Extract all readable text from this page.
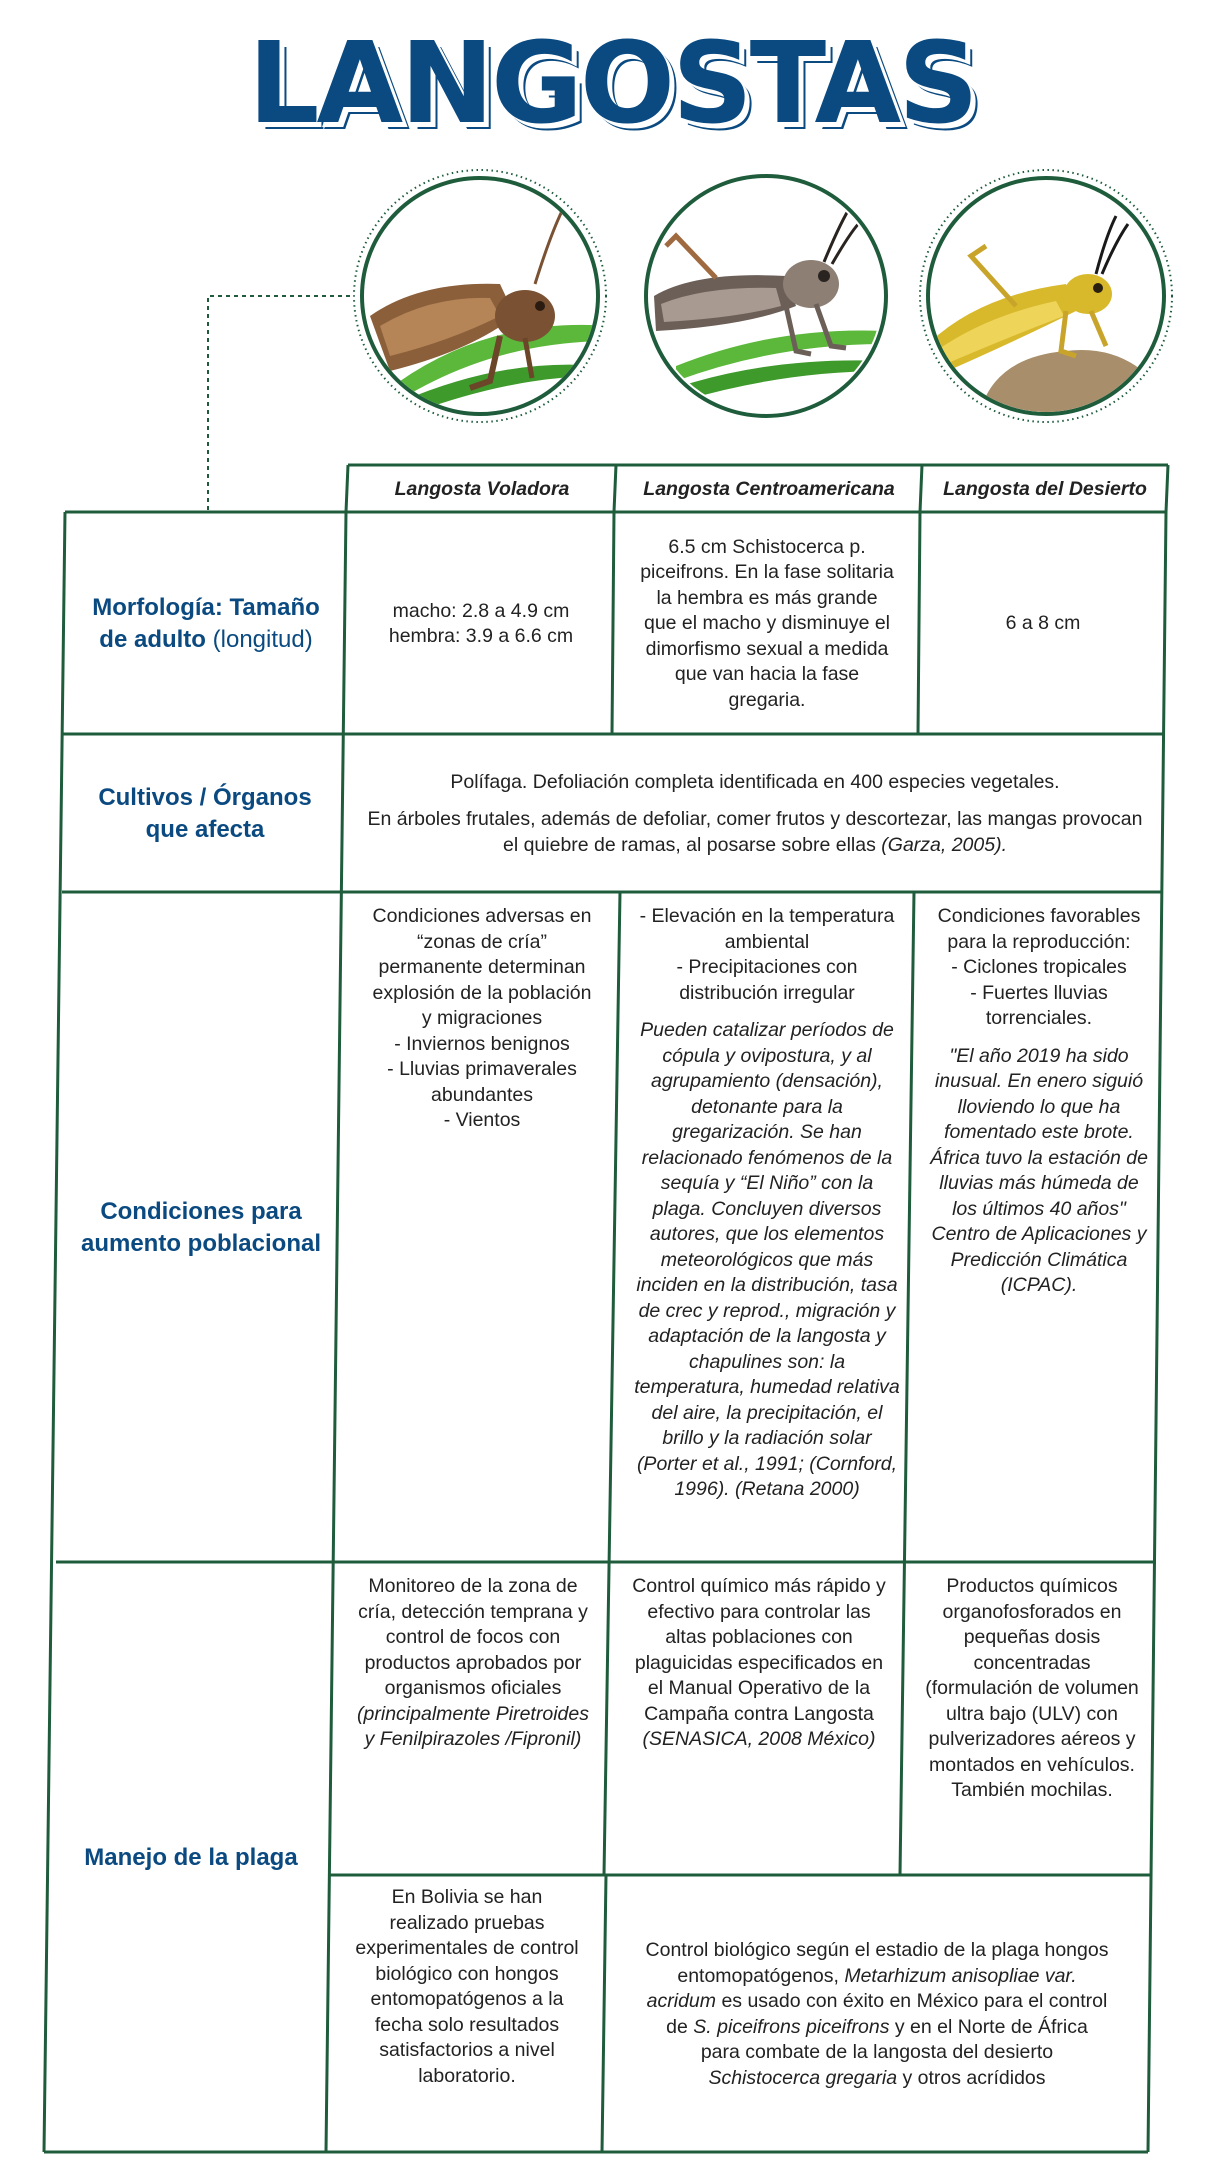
LANGOSTAS
Langosta Voladora	Langosta Centroamericana	Langosta del Desierto
Morfología: Tamaño de adulto (longitud)
macho: 2.8 a 4.9 cm
hembra: 3.9 a 6.6 cm
6.5 cm Schistocerca p. piceifrons. En la fase solitaria la hembra es más grande que el macho y disminuye el dimorfismo sexual a medida que van hacia la fase gregaria.
6 a 8 cm
Cultivos / Órganos que afecta
Polífaga. Defoliación completa identificada en 400 especies vegetales.
En árboles frutales, además de defoliar, comer frutos y descortezar, las mangas provocan el quiebre de ramas, al posarse sobre ellas (Garza, 2005).
Condiciones para aumento poblacional
Condiciones adversas en “zonas de cría” permanente determinan explosión de la población y migraciones
- Inviernos benignos
- Lluvias primaverales abundantes
- Vientos
- Elevación en la temperatura ambiental
- Precipitaciones con distribución irregular
Pueden catalizar períodos de cópula y ovipostura, y al agrupamiento (densación), detonante para la gregarización. Se han relacionado fenómenos de la sequía y “El Niño” con la plaga. Concluyen diversos autores, que los elementos meteorológicos que más inciden en la distribución, tasa de crec y reprod., migración y adaptación de la langosta y chapulines son: la temperatura, humedad relativa del aire, la precipitación, el brillo y la radiación solar (Porter et al., 1991; (Cornford, 1996). (Retana 2000)
Condiciones favorables para la reproducción:
- Ciclones tropicales
- Fuertes lluvias torrenciales.
"El año 2019 ha sido inusual. En enero siguió lloviendo lo que ha fomentado este brote. África tuvo la estación de lluvias más húmeda de los últimos 40 años" Centro de Aplicaciones y Predicción Climática (ICPAC).
Manejo de la plaga
Monitoreo de la zona de cría, detección temprana y control de focos con productos aprobados por organismos oficiales (principalmente Piretroides y Fenilpirazoles /Fipronil)
Control químico más rápido y efectivo para controlar las altas poblaciones con plaguicidas especificados en el Manual Operativo de la Campaña contra Langosta (SENASICA, 2008 México)
Productos químicos organofosforados en pequeñas dosis concentradas (formulación de volumen ultra bajo (ULV) con pulverizadores aéreos y montados en vehículos. También mochilas.
En Bolivia se han realizado pruebas experimentales de control biológico con hongos entomopatógenos a la fecha solo resultados satisfactorios a nivel laboratorio.
Control biológico según el estadio de la plaga hongos entomopatógenos, Metarhizum anisopliae var. acridum es usado con éxito en México para el control de S. piceifrons piceifrons y en el Norte de África para combate de la langosta del desierto Schistocerca gregaria y otros acrídidos
